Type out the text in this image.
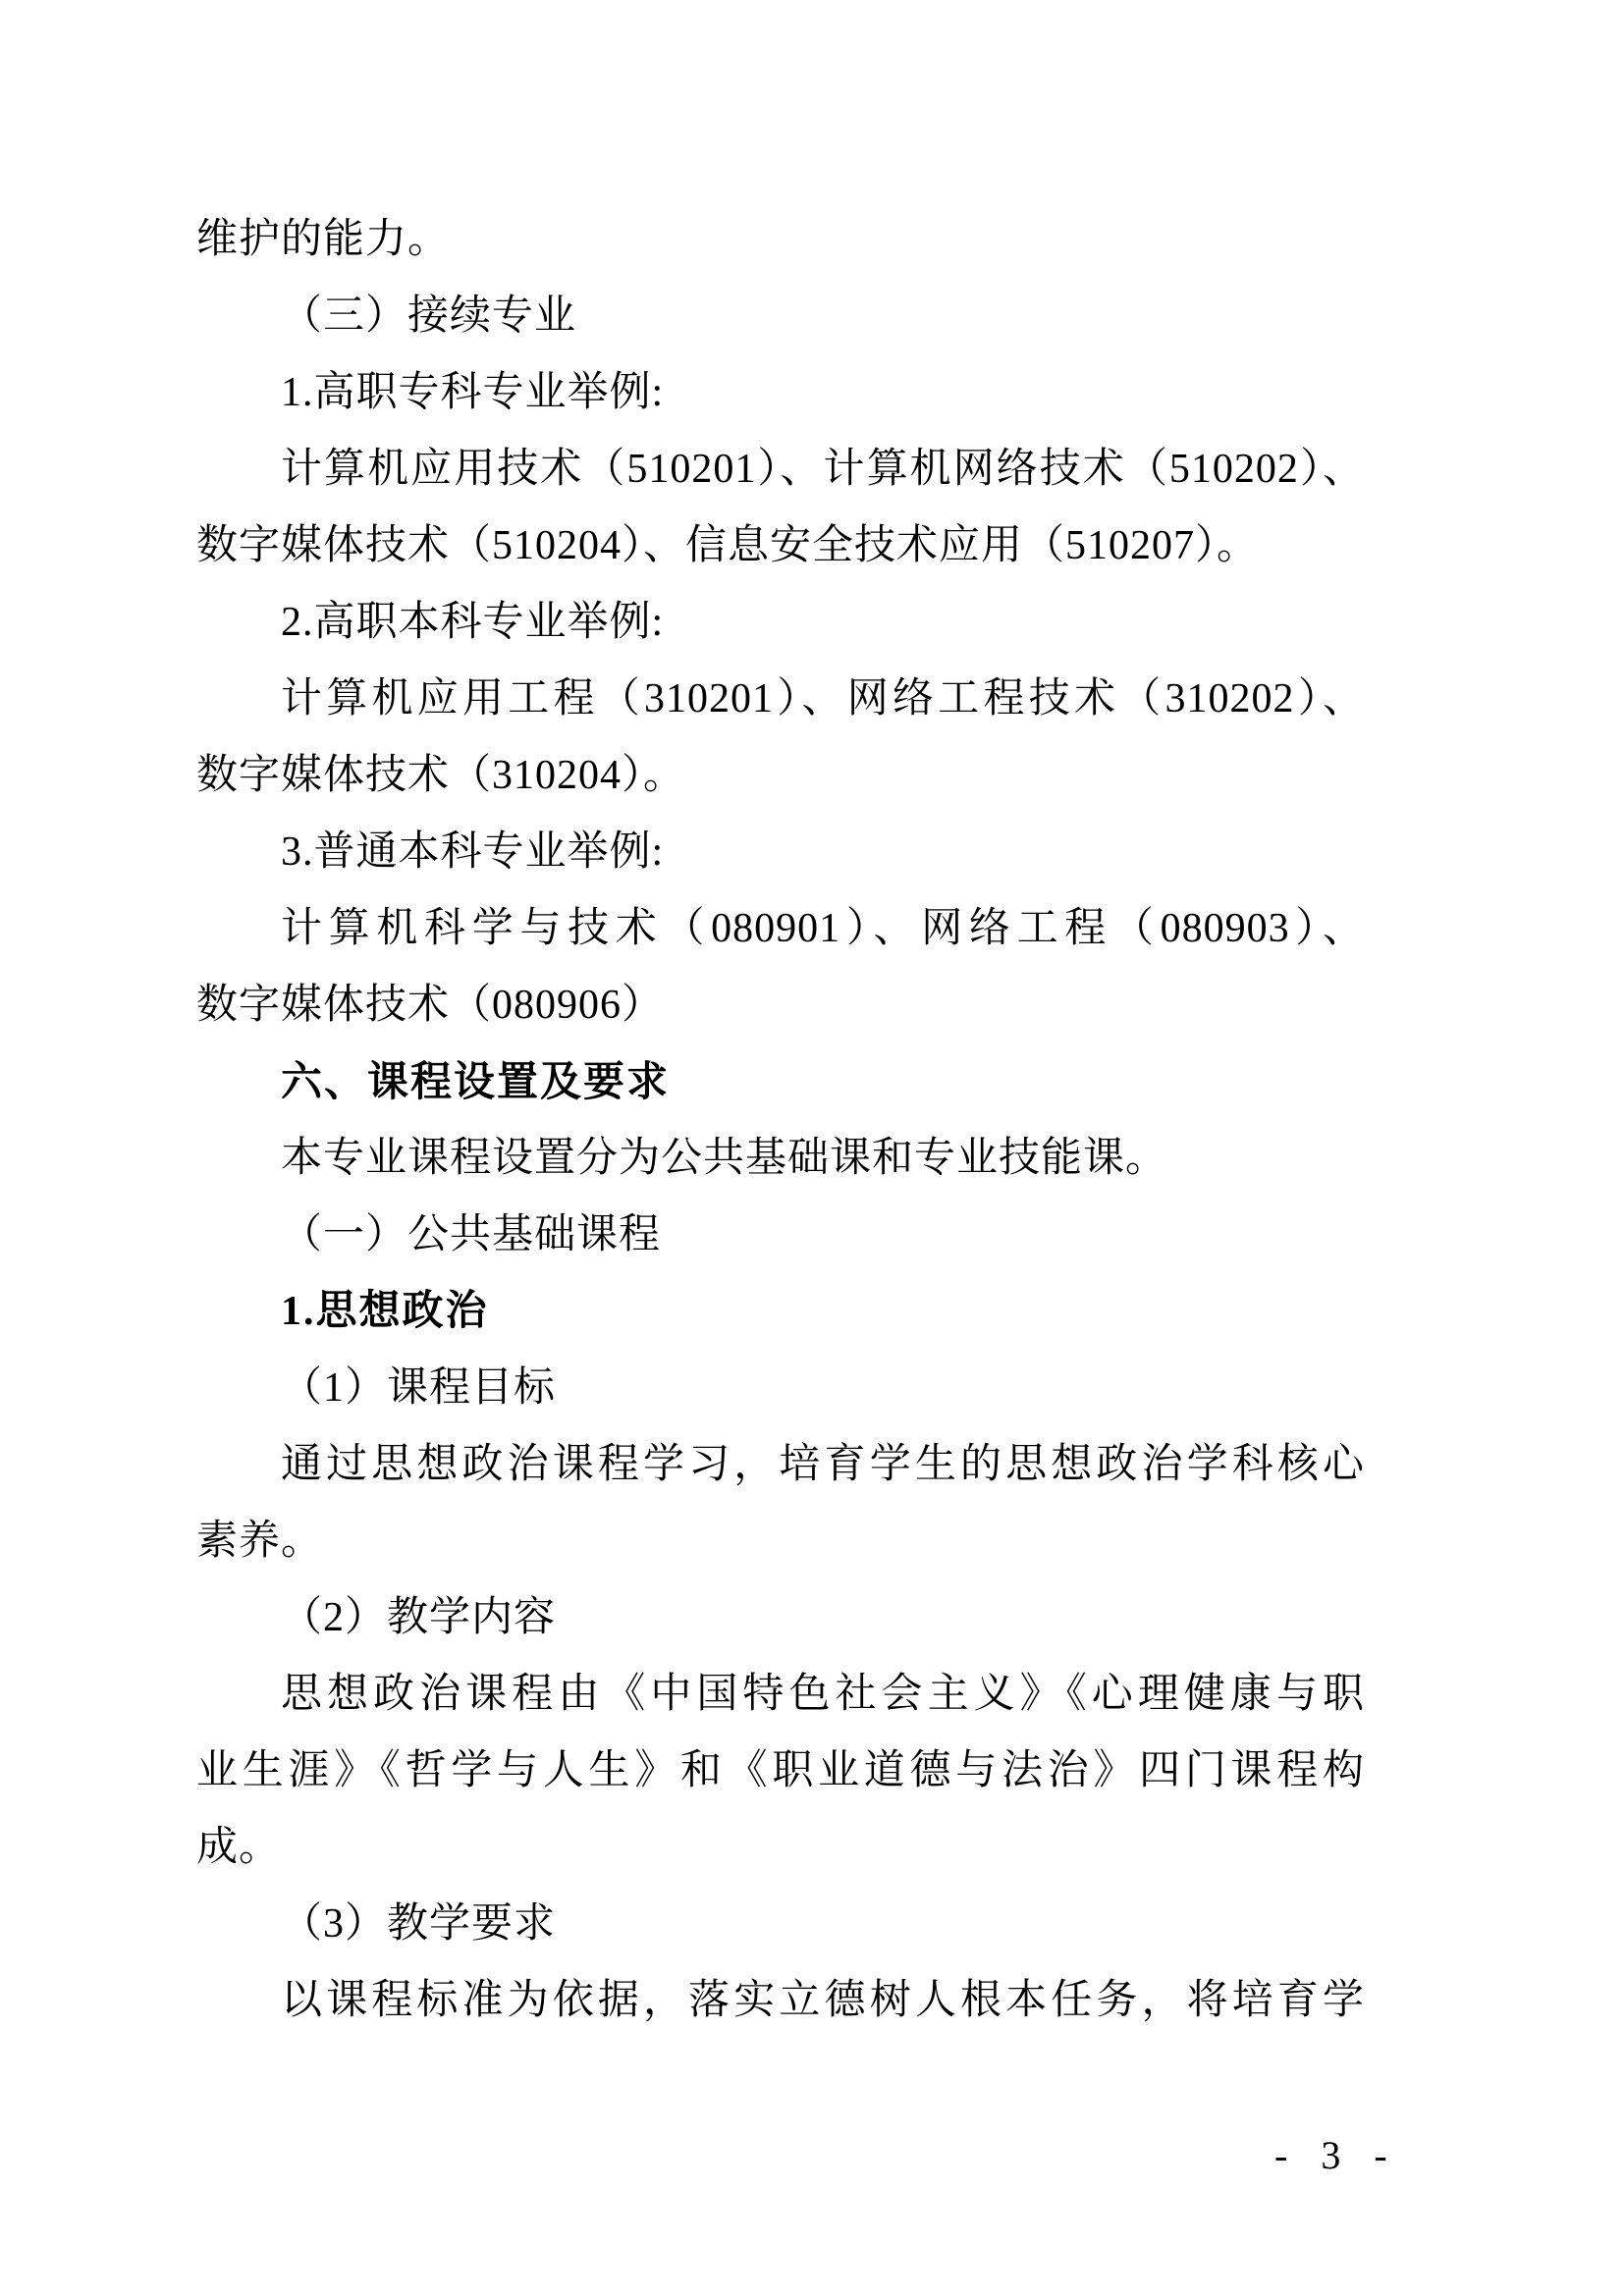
维护的能力。
（三）接续专业
1.高职专科专业举例:
计算机应用技术（510201）、计算机网络技术（510202）、
数字媒体技术（510204）、信息安全技术应用（510207）。
2.高职本科专业举例:
计算机应用工程（310201）、网络工程技术（310202）、
数字媒体技术（310204）。
3.普通本科专业举例:
计算机科学与技术（080901）、网络工程（080903）、
数字媒体技术（080906）
六、课程设置及要求
本专业课程设置分为公共基础课和专业技能课。
（一）公共基础课程
1.思想政治
（1）课程目标
通过思想政治课程学习，培育学生的思想政治学科核心
素养。
（2）教学内容
思想政治课程由《中国特色社会主义》《心理健康与职
业生涯》《哲学与人生》和《职业道德与法治》四门课程构
成。
（3）教学要求
以课程标准为依据，落实立德树人根本任务，将培育学
- 3 -
